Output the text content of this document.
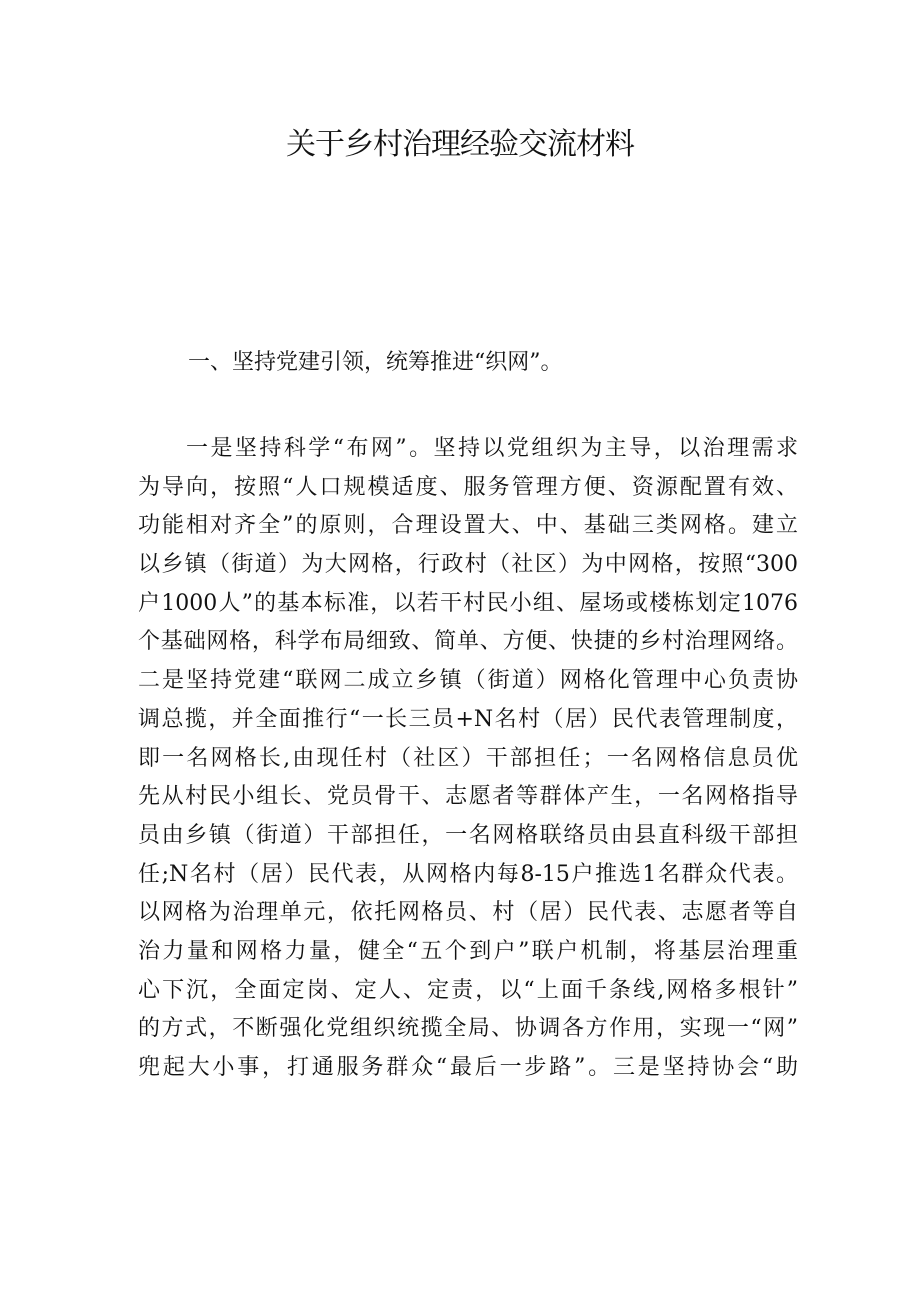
关于乡村治理经验交流材料
一、坚持党建引领，统筹推进“织网”。
一是坚持科学“布网”。坚持以党组织为主导，以治理需求
为导向，按照“人口规模适度、服务管理方便、资源配置有效、
功能相对齐全”的原则，合理设置大、中、基础三类网格。建立
以乡镇（街道）为大网格，行政村（社区）为中网格，按照“300
户1000人”的基本标准，以若干村民小组、屋场或楼栋划定1076
个基础网格，科学布局细致、简单、方便、快捷的乡村治理网络。
二是坚持党建“联网二成立乡镇（街道）网格化管理中心负责协
调总揽，并全面推行“一长三员+N名村（居）民代表管理制度，
即一名网格长,由现任村（社区）干部担任；一名网格信息员优
先从村民小组长、党员骨干、志愿者等群体产生，一名网格指导
员由乡镇（街道）干部担任，一名网格联络员由县直科级干部担
任;N名村（居）民代表，从网格内每8-15户推选1名群众代表。
以网格为治理单元，依托网格员、村（居）民代表、志愿者等自
治力量和网格力量，健全“五个到户”联户机制，将基层治理重
心下沉，全面定岗、定人、定责，以“上面千条线,网格多根针”
的方式，不断强化党组织统揽全局、协调各方作用，实现一“网”
兜起大小事，打通服务群众“最后一步路”。三是坚持协会“助
